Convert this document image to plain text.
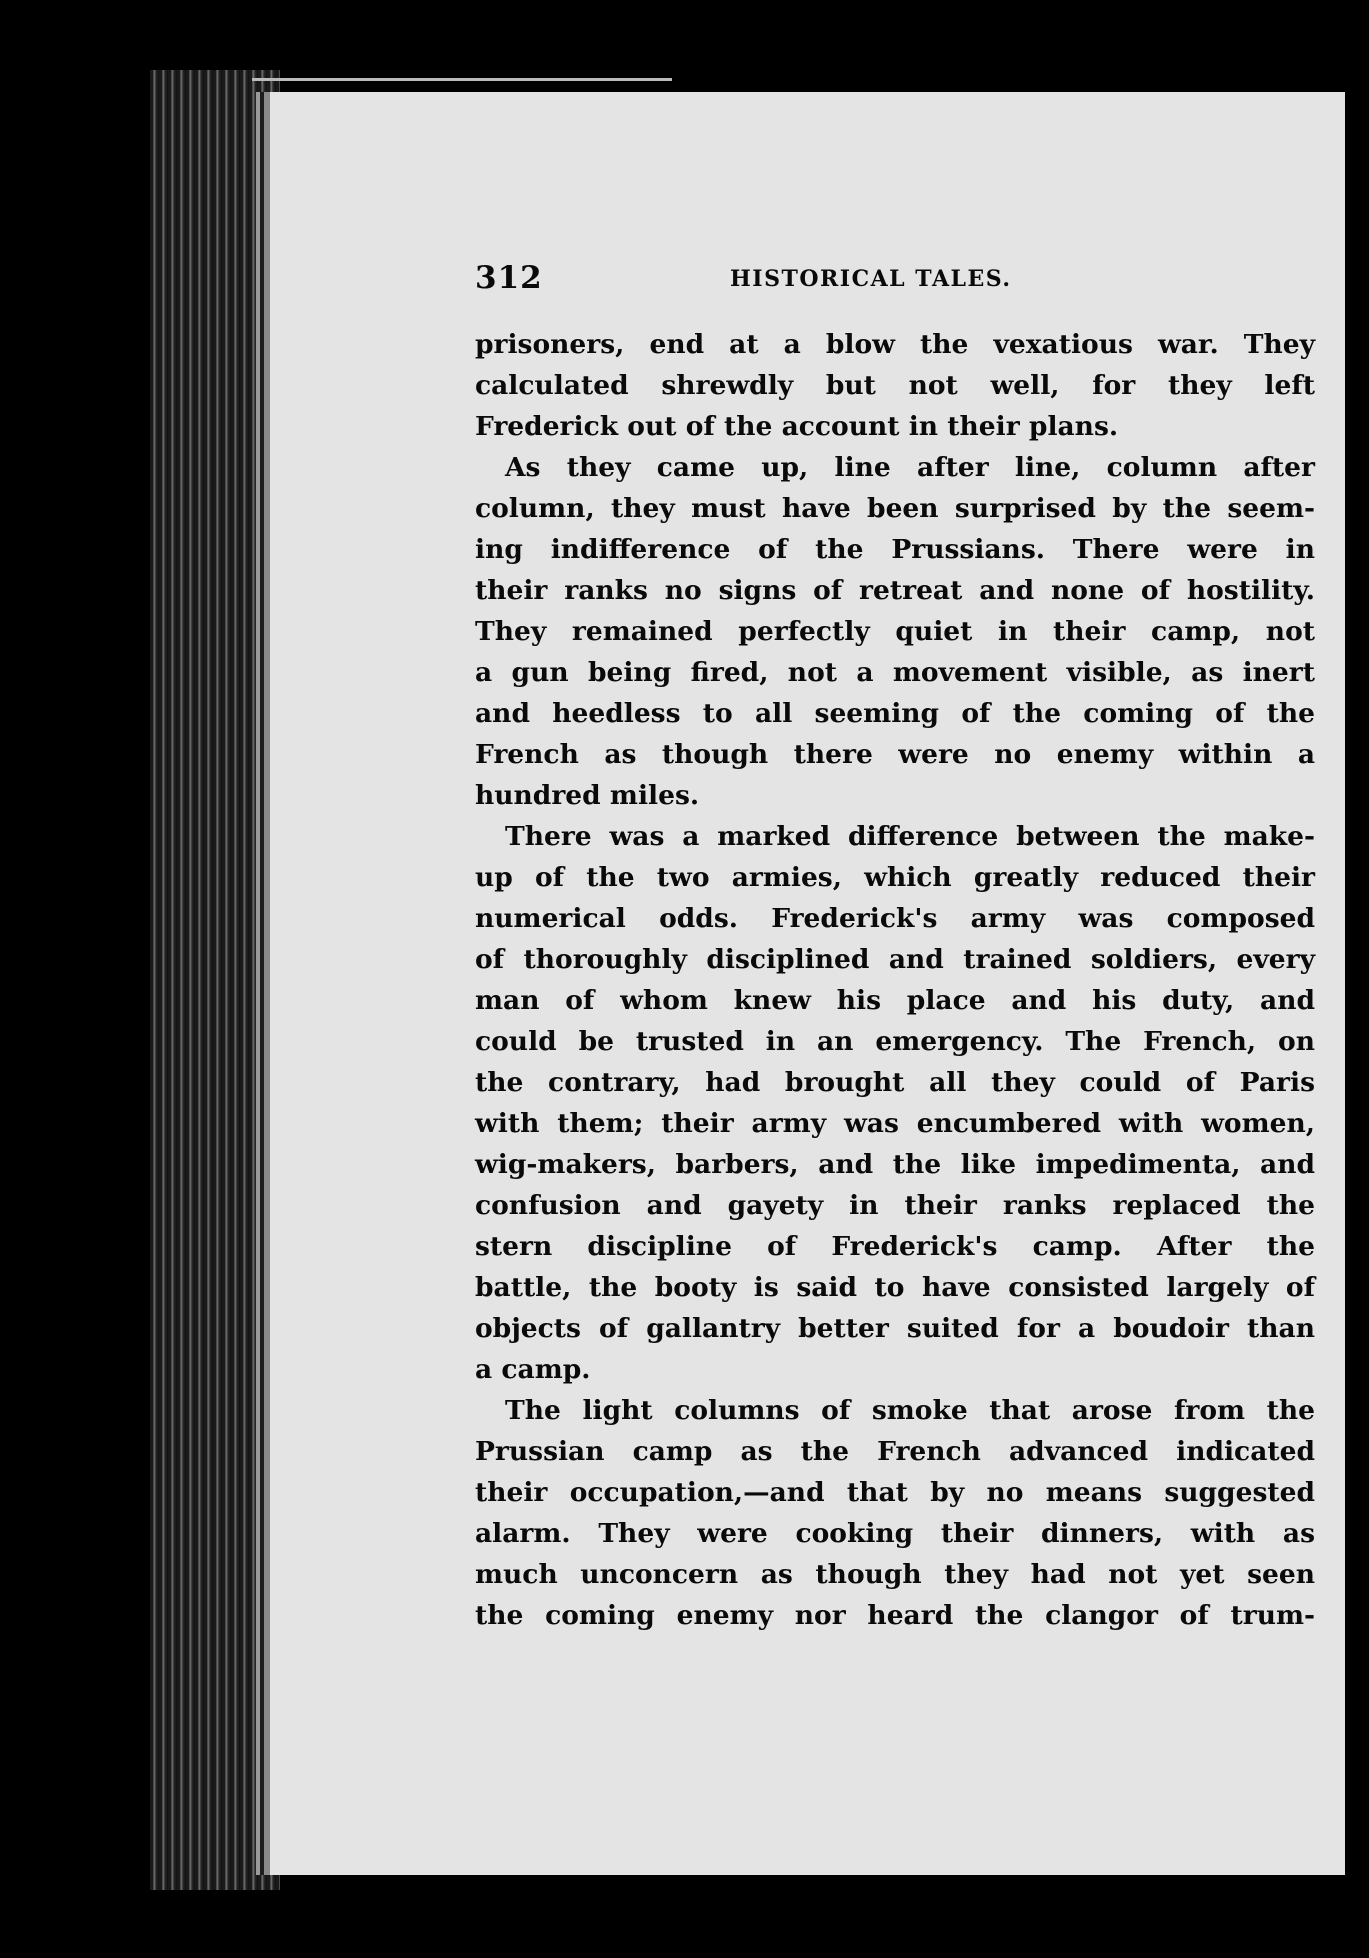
312	HISTORICAL TALES.
prisoners, end at a blow the vexatious war. They
calculated shrewdly but not well, for they left
Frederick out of the account in their plans.
As they came up, line after line, column after
column, they must have been surprised by the seem-
ing indifference of the Prussians. There were in
their ranks no signs of retreat and none of hostility.
They remained perfectly quiet in their camp, not
a gun being fired, not a movement visible, as inert
and heedless to all seeming of the coming of the
French as though there were no enemy within a
hundred miles.
There was a marked difference between the make-
up of the two armies, which greatly reduced their
numerical odds. Frederick's army was composed
of thoroughly disciplined and trained soldiers, every
man of whom knew his place and his duty, and
could be trusted in an emergency. The French, on
the contrary, had brought all they could of Paris
with them; their army was encumbered with women,
wig-makers, barbers, and the like impedimenta, and
confusion and gayety in their ranks replaced the
stern discipline of Frederick's camp. After the
battle, the booty is said to have consisted largely of
objects of gallantry better suited for a boudoir than
a camp.
The light columns of smoke that arose from the
Prussian camp as the French advanced indicated
their occupation,—and that by no means suggested
alarm. They were cooking their dinners, with as
much unconcern as though they had not yet seen
the coming enemy nor heard the clangor of trum-
